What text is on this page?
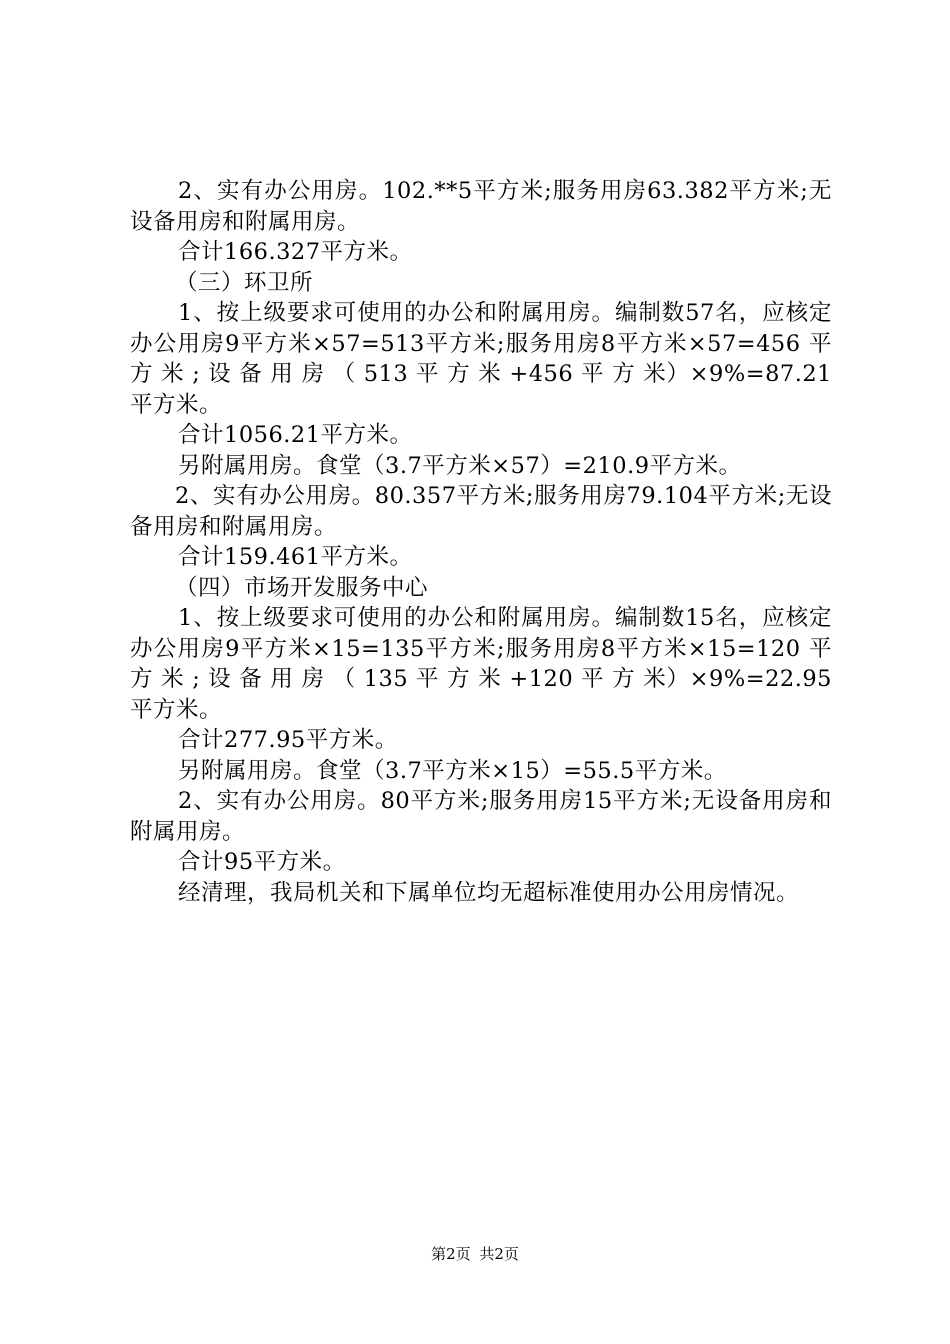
2、实有办公用房。102.**5平方米;服务用房63.382平方米;无设备用房和附属用房。

合计166.327平方米。

（三）环卫所

1、按上级要求可使用的办公和附属用房。编制数57名，应核定办公用房9平方米×57=513平方米;服务用房8平方米×57=456 平 方 米 ; 设 备 用 房 （ 513 平 方 米 +456 平 方 米）×9%=87.21平方米。

合计1056.21平方米。

另附属用房。食堂（3.7平方米×57）=210.9平方米。

2、实有办公用房。80.357平方米;服务用房79.104平方米;无设备用房和附属用房。

合计159.461平方米。

（四）市场开发服务中心

1、按上级要求可使用的办公和附属用房。编制数15名，应核定办公用房9平方米×15=135平方米;服务用房8平方米×15=120 平 方 米 ; 设 备 用 房 （ 135 平 方 米 +120 平 方 米）×9%=22.95平方米。

合计277.95平方米。

另附属用房。食堂（3.7平方米×15）=55.5平方米。

2、实有办公用房。80平方米;服务用房15平方米;无设备用房和附属用房。

合计95平方米。

经清理，我局机关和下属单位均无超标准使用办公用房情况。

第2页 共2页
